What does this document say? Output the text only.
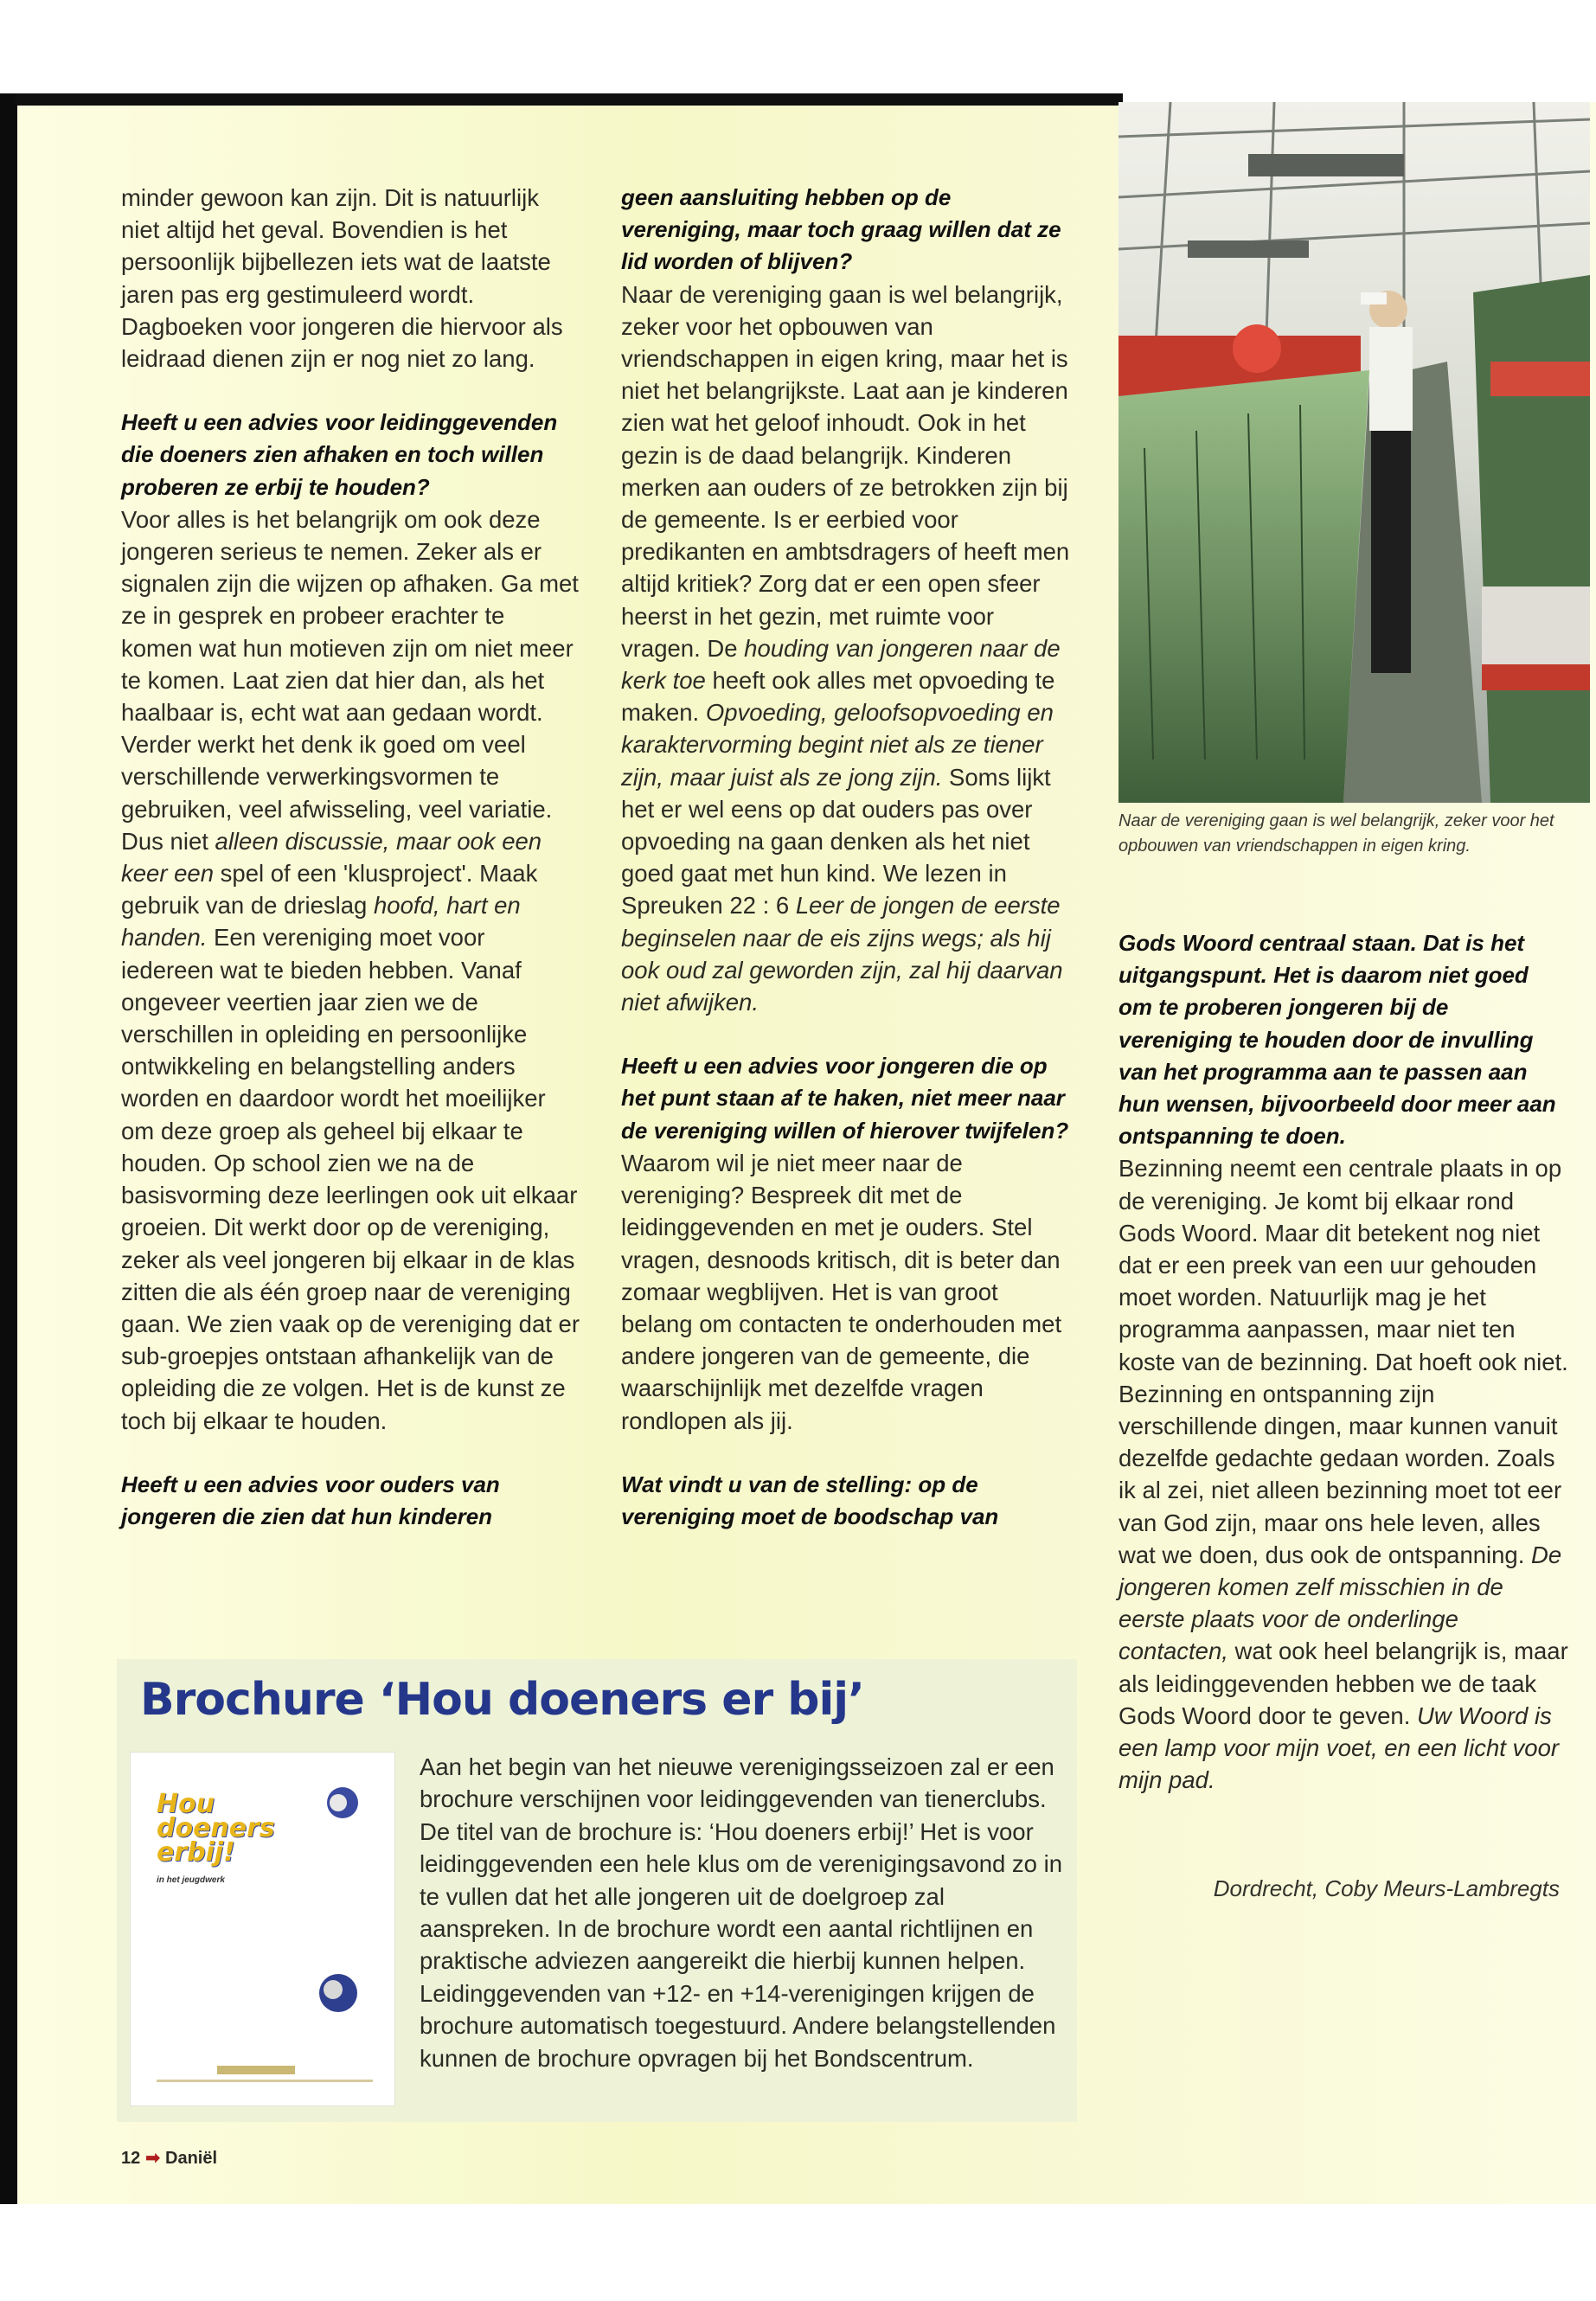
minder gewoon kan zijn. Dit is natuurlijk niet altijd het geval. Bovendien is het persoonlijk bijbellezen iets wat de laatste jaren pas erg gestimuleerd wordt. Dagboeken voor jongeren die hiervoor als leidraad dienen zijn er nog niet zo lang.

Heeft u een advies voor leidinggevenden die doeners zien afhaken en toch willen proberen ze erbij te houden?

Voor alles is het belangrijk om ook deze jongeren serieus te nemen. Zeker als er signalen zijn die wijzen op afhaken. Ga met ze in gesprek en probeer erachter te komen wat hun motieven zijn om niet meer te komen. Laat zien dat hier dan, als het haalbaar is, echt wat aan gedaan wordt. Verder werkt het denk ik goed om veel verschillende verwerkingsvormen te gebruiken, veel afwisseling, veel variatie. Dus niet alleen discussie, maar ook een keer een spel of een 'klusproject'. Maak gebruik van de drieslag hoofd, hart en handen. Een vereniging moet voor iedereen wat te bieden hebben. Vanaf ongeveer veertien jaar zien we de verschillen in opleiding en persoonlijke ontwikkeling en belangstelling anders worden en daardoor wordt het moeilijker om deze groep als geheel bij elkaar te houden. Op school zien we na de basisvorming deze leerlingen ook uit elkaar groeien. Dit werkt door op de vereniging, zeker als veel jongeren bij elkaar in de klas zitten die als één groep naar de vereniging gaan. We zien vaak op de vereniging dat er sub-groepjes ontstaan afhankelijk van de opleiding die ze volgen. Het is de kunst ze toch bij elkaar te houden.

Heeft u een advies voor ouders van jongeren die zien dat hun kinderen

geen aansluiting hebben op de vereniging, maar toch graag willen dat ze lid worden of blijven?

Naar de vereniging gaan is wel belangrijk, zeker voor het opbouwen van vriendschappen in eigen kring, maar het is niet het belangrijkste. Laat aan je kinderen zien wat het geloof inhoudt. Ook in het gezin is de daad belangrijk. Kinderen merken aan ouders of ze betrokken zijn bij de gemeente. Is er eerbied voor predikanten en ambtsdragers of heeft men altijd kritiek? Zorg dat er een open sfeer heerst in het gezin, met ruimte voor vragen. De houding van jongeren naar de kerk toe heeft ook alles met opvoeding te maken. Opvoeding, geloofsopvoeding en karaktervorming begint niet als ze tiener zijn, maar juist als ze jong zijn. Soms lijkt het er wel eens op dat ouders pas over opvoeding na gaan denken als het niet goed gaat met hun kind. We lezen in Spreuken 22 : 6 Leer de jongen de eerste beginselen naar de eis zijns wegs; als hij ook oud zal geworden zijn, zal hij daarvan niet afwijken.

Heeft u een advies voor jongeren die op het punt staan af te haken, niet meer naar de vereniging willen of hierover twijfelen?

Waarom wil je niet meer naar de vereniging? Bespreek dit met de leidinggevenden en met je ouders. Stel vragen, desnoods kritisch, dit is beter dan zomaar wegblijven. Het is van groot belang om contacten te onderhouden met andere jongeren van de gemeente, die waarschijnlijk met dezelfde vragen rondlopen als jij.

Wat vindt u van de stelling: op de vereniging moet de boodschap van

Naar de vereniging gaan is wel belangrijk, zeker voor het opbouwen van vriendschappen in eigen kring.

Gods Woord centraal staan. Dat is het uitgangspunt. Het is daarom niet goed om te proberen jongeren bij de vereniging te houden door de invulling van het programma aan te passen aan hun wensen, bijvoorbeeld door meer aan ontspanning te doen.

Bezinning neemt een centrale plaats in op de vereniging. Je komt bij elkaar rond Gods Woord. Maar dit betekent nog niet dat er een preek van een uur gehouden moet worden. Natuurlijk mag je het programma aanpassen, maar niet ten koste van de bezinning. Dat hoeft ook niet. Bezinning en ontspanning zijn verschillende dingen, maar kunnen vanuit dezelfde gedachte gedaan worden. Zoals ik al zei, niet alleen bezinning moet tot eer van God zijn, maar ons hele leven, alles wat we doen, dus ook de ontspanning. De jongeren komen zelf misschien in de eerste plaats voor de onderlinge contacten, wat ook heel belangrijk is, maar als leidinggevenden hebben we de taak Gods Woord door te geven. Uw Woord is een lamp voor mijn voet, en een licht voor mijn pad.

Dordrecht, Coby Meurs-Lambregts
Brochure ‘Hou doeners er bij’
Hou doeners erbij!
in het jeugdwerk
Aan het begin van het nieuwe verenigingsseizoen zal er een brochure verschijnen voor leidinggevenden van tienerclubs. De titel van de brochure is: ‘Hou doeners erbij!’ Het is voor leidinggevenden een hele klus om de verenigingsavond zo in te vullen dat het alle jongeren uit de doelgroep zal aanspreken. In de brochure wordt een aantal richtlijnen en praktische adviezen aangereikt die hierbij kunnen helpen. Leidinggevenden van +12- en +14-verenigingen krijgen de brochure automatisch toegestuurd. Andere belangstellenden kunnen de brochure opvragen bij het Bondscentrum.
12 ➡ Daniël
